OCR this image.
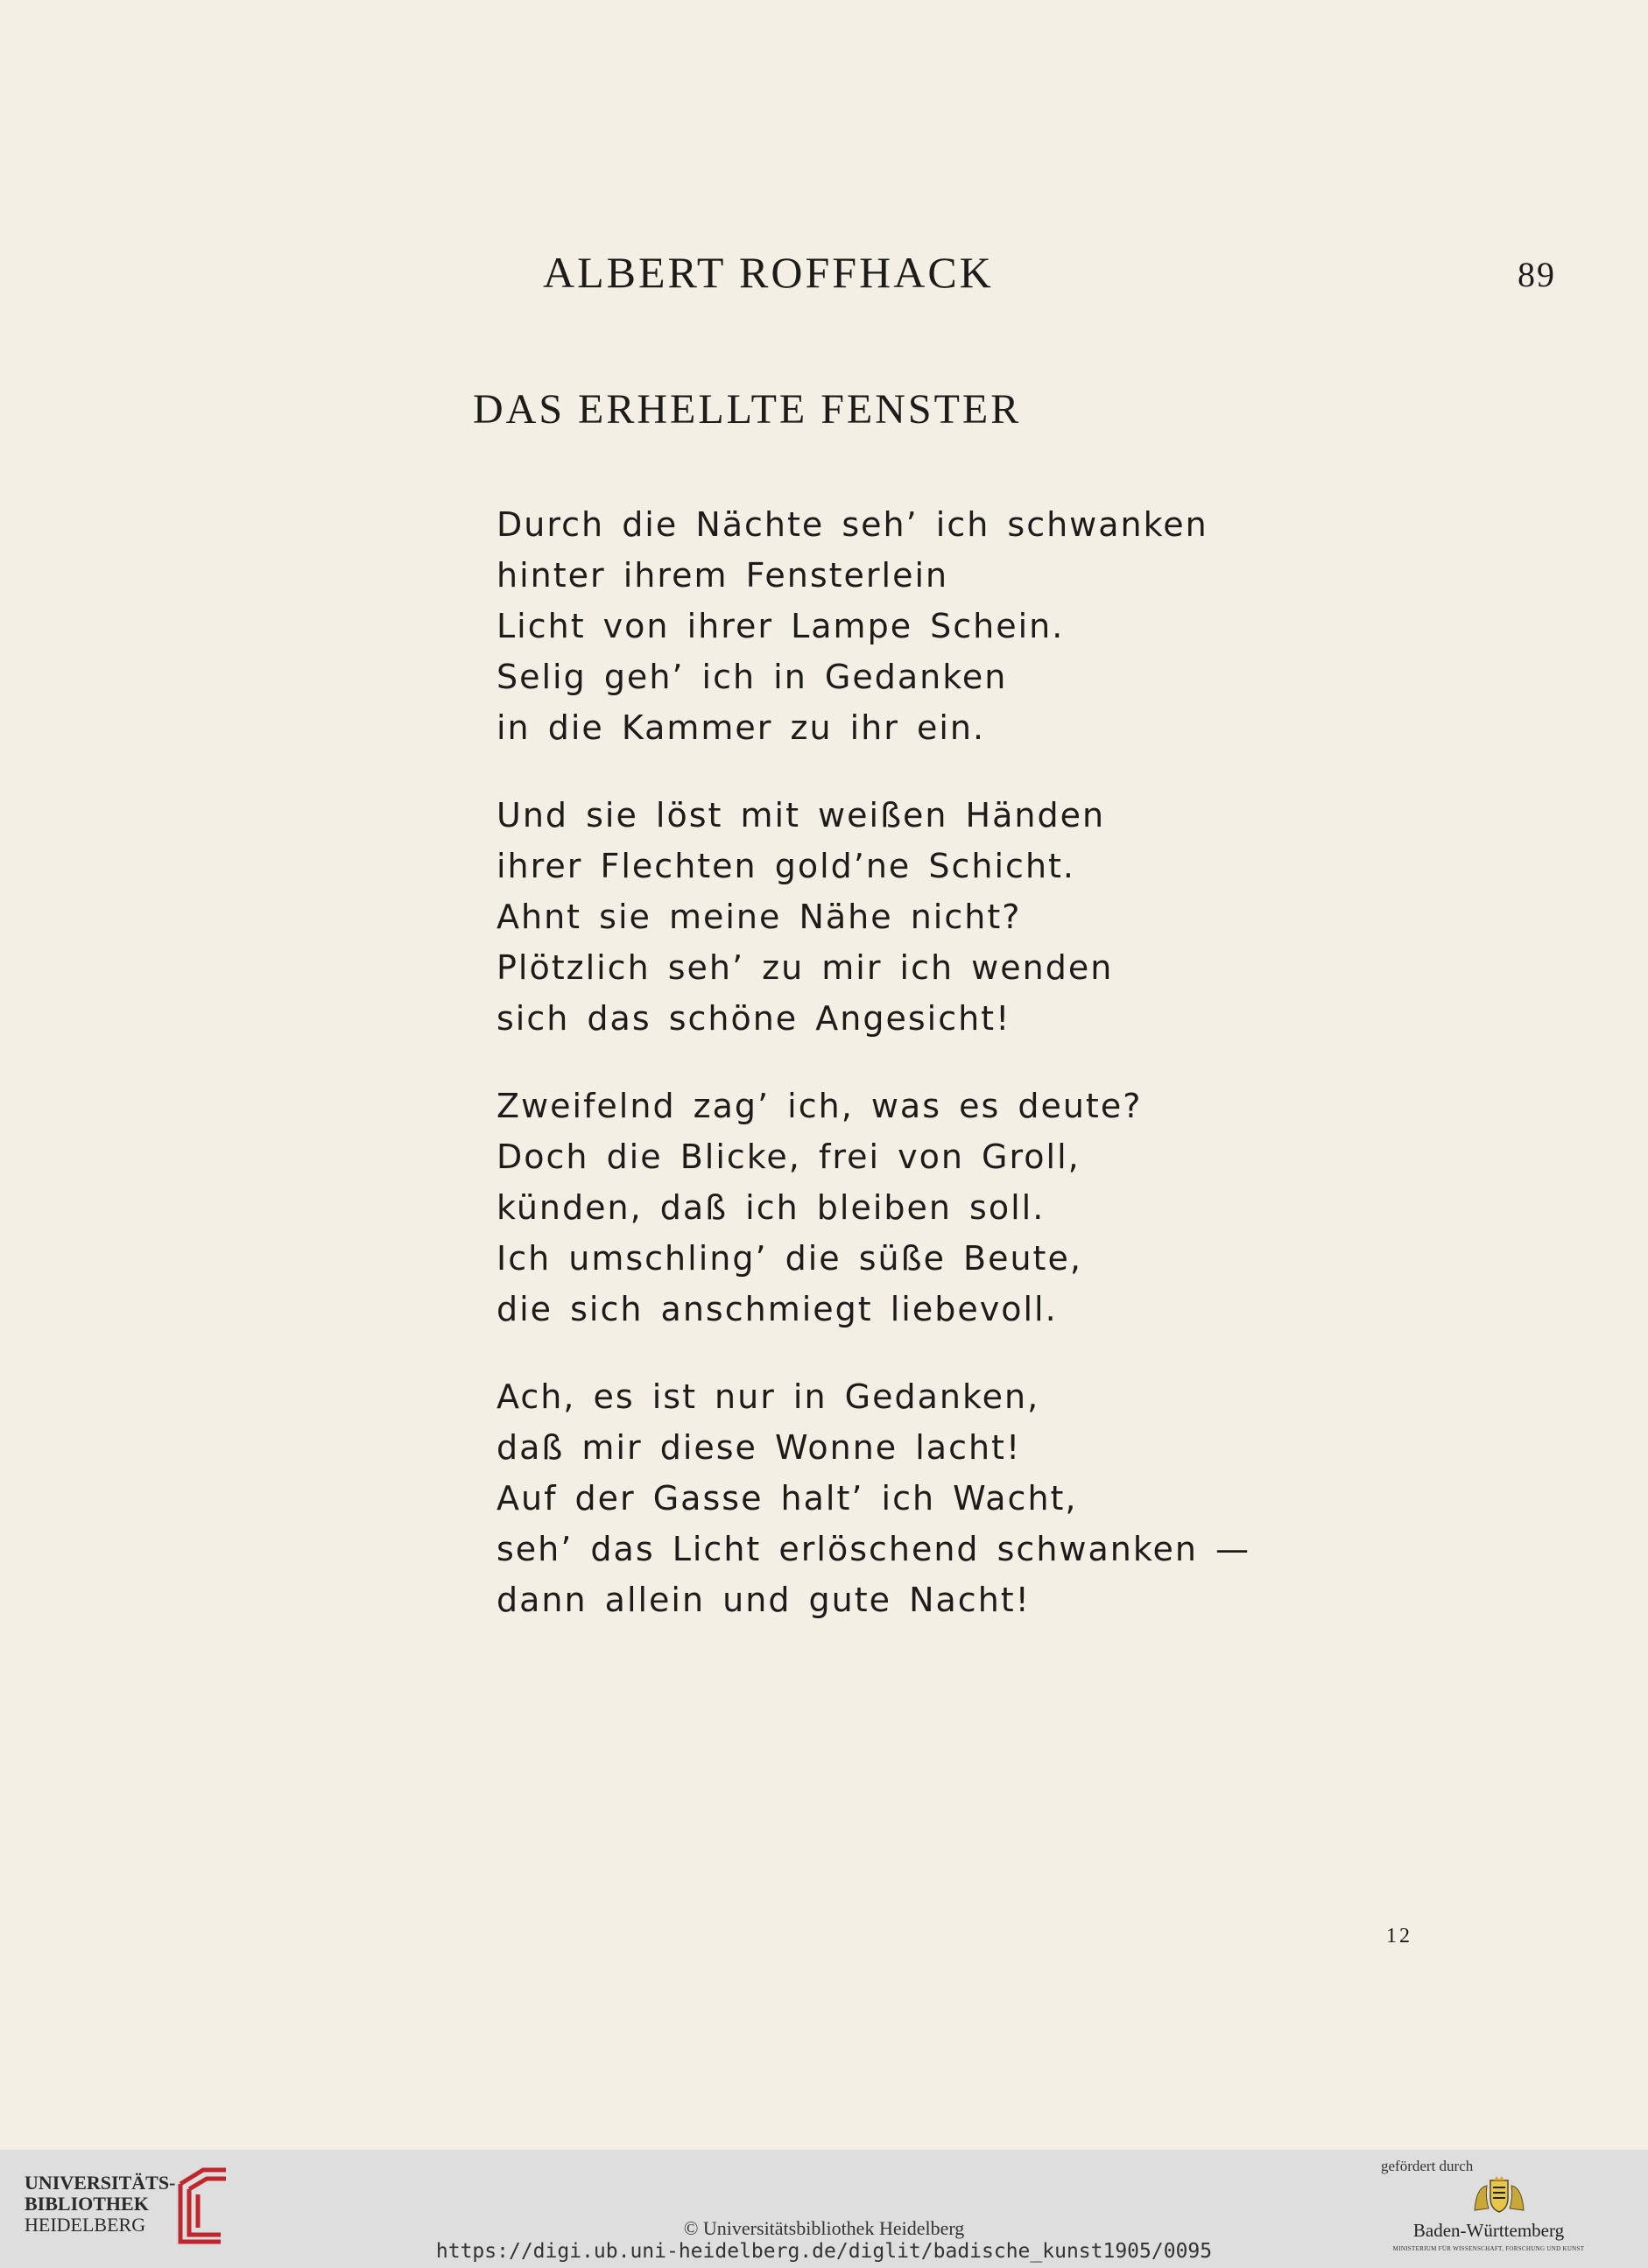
ALBERT ROFFHACK	89
DAS ERHELLTE FENSTER
Durch die Nächte seh’ ich schwanken
hinter ihrem Fensterlein
Licht von ihrer Lampe Schein.
Selig geh’ ich in Gedanken
in die Kammer zu ihr ein.
Und sie löst mit weißen Händen
ihrer Flechten gold’ne Schicht.
Ahnt sie meine Nähe nicht?
Plötzlich seh’ zu mir ich wenden
sich das schöne Angesicht!
Zweifelnd zag’ ich, was es deute?
Doch die Blicke, frei von Groll,
künden, daß ich bleiben soll.
Ich umschling’ die süße Beute,
die sich anschmiegt liebevoll.
Ach, es ist nur in Gedanken,
daß mir diese Wonne lacht!
Auf der Gasse halt’ ich Wacht,
seh’ das Licht erlöschend schwanken —
dann allein und gute Nacht!
12
UNIVERSITÄTS-
BIBLIOTHEK
HEIDELBERG	© Universitätsbibliothek Heidelberg
https://digi.ub.uni-heidelberg.de/diglit/badische_kunst1905/0095
gefördert durch
Baden-Württemberg
MINISTERIUM FÜR WISSENSCHAFT, FORSCHUNG UND KUNST
